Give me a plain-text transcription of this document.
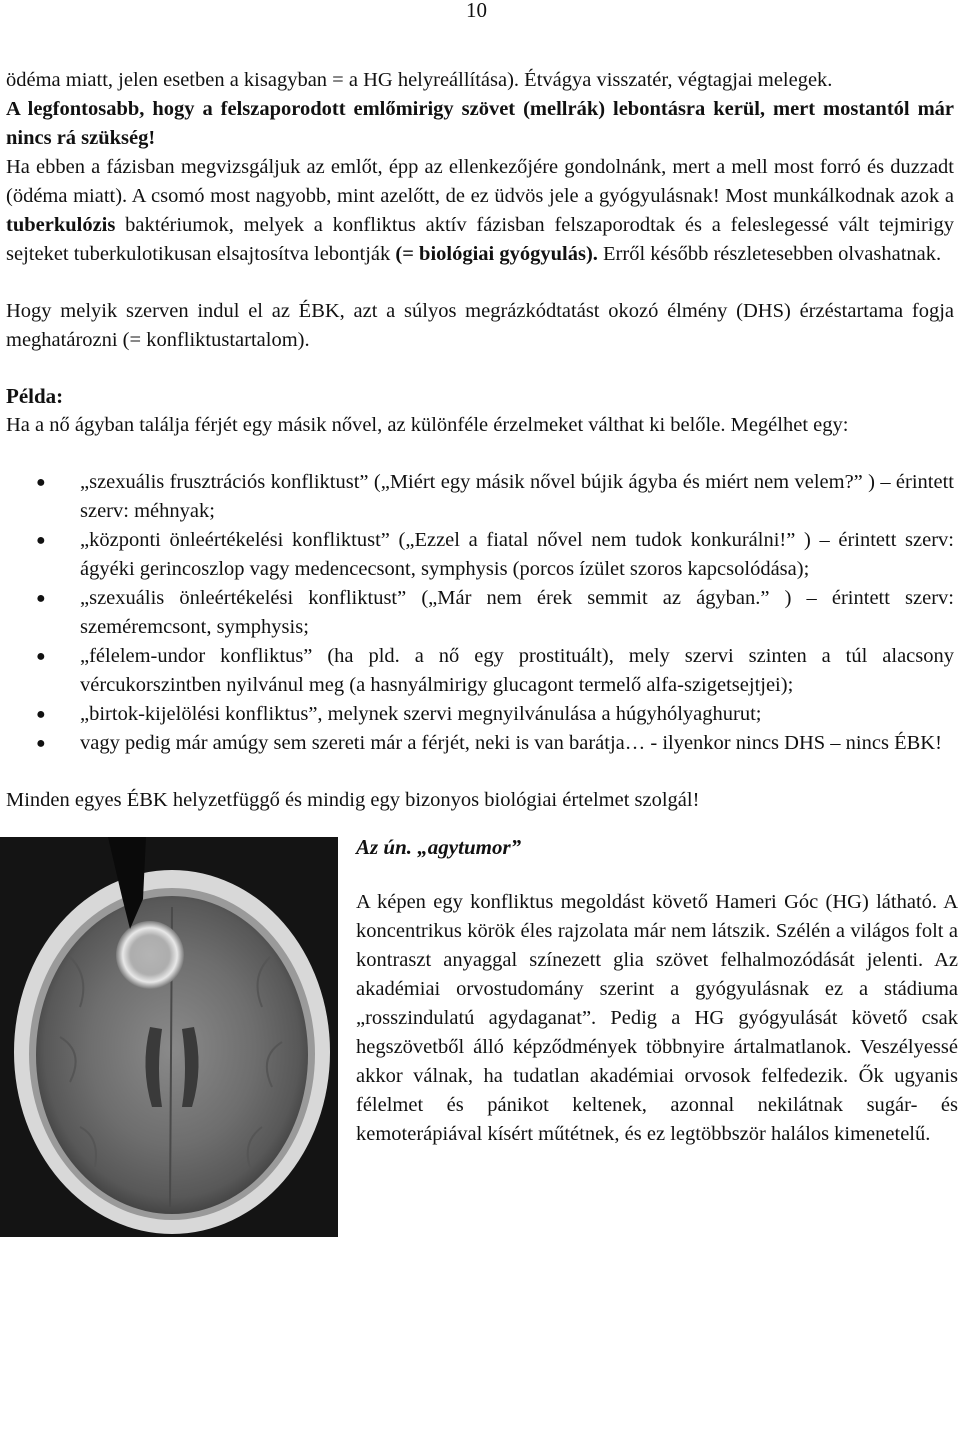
10

ödéma miatt, jelen esetben a kisagyban = a HG helyreállítása). Étvágya visszatér, végtagjai melegek.
A legfontosabb, hogy a felszaporodott emlőmirigy szövet (mellrák) lebontásra kerül, mert mostantól már nincs rá szükség!
Ha ebben a fázisban megvizsgáljuk az emlőt, épp az ellenkezőjére gondolnánk, mert a mell most forró és duzzadt (ödéma miatt). A csomó most nagyobb, mint azelőtt, de ez üdvös jele a gyógyulásnak! Most munkálkodnak azok a tuberkulózis baktériumok, melyek a konfliktus aktív fázisban felszaporodtak és a feleslegessé vált tejmirigy sejteket tuberkulotikusan elsajtosítva lebontják (= biológiai gyógyulás). Erről később részletesebben olvashatnak.

Hogy melyik szerven indul el az ÉBK, azt a súlyos megrázkódtatást okozó élmény (DHS) érzéstartama fogja meghatározni (= konfliktustartalom).

Példa:

Ha a nő ágyban találja férjét egy másik nővel, az különféle érzelmeket válthat ki belőle. Megélhet egy:

● „szexuális frusztrációs konfliktust” („Miért egy másik nővel bújik ágyba és miért nem velem?” ) – érintett szerv: méhnyak;
● „központi önleértékelési konfliktust” („Ezzel a fiatal nővel nem tudok konkurálni!” ) – érintett szerv: ágyéki gerincoszlop vagy medencecsont, symphysis (porcos ízület szoros kapcsolódása);
● „szexuális önleértékelési konfliktust” („Már nem érek semmit az ágyban.” ) – érintett szerv: szeméremcsont, symphysis;
● „félelem-undor konfliktus” (ha pld. a nő egy prostituált), mely szervi szinten a túl alacsony vércukorszintben nyilvánul meg (a hasnyálmirigy glucagont termelő alfa-szigetsejtjei);
● „birtok-kijelölési konfliktus”, melynek szervi megnyilvánulása a húgyhólyaghurut;
● vagy pedig már amúgy sem szereti már a férjét, neki is van barátja… - ilyenkor nincs DHS – nincs ÉBK!

Minden egyes ÉBK helyzetfüggő és mindig egy bizonyos biológiai értelmet szolgál!

Az ún. „agytumor”

A képen egy konfliktus megoldást követő Hameri Góc (HG) látható. A koncentrikus körök éles rajzolata már nem látszik. Szélén a világos folt a kontraszt anyaggal színezett glia szövet felhalmozódását jelenti. Az akadémiai orvostudomány szerint a gyógyulásnak ez a stádiuma „rosszindulatú agydaganat”. Pedig a HG gyógyulását követő csak hegszövetből álló képződmények többnyire ártalmatlanok. Veszélyessé akkor válnak, ha tudatlan akadémiai orvosok felfedezik. Ők ugyanis félelmet és pánikot keltenek, azonnal nekilátnak sugár- és kemoterápiával kísért műtétnek, és ez legtöbbször halálos kimenetelű.
